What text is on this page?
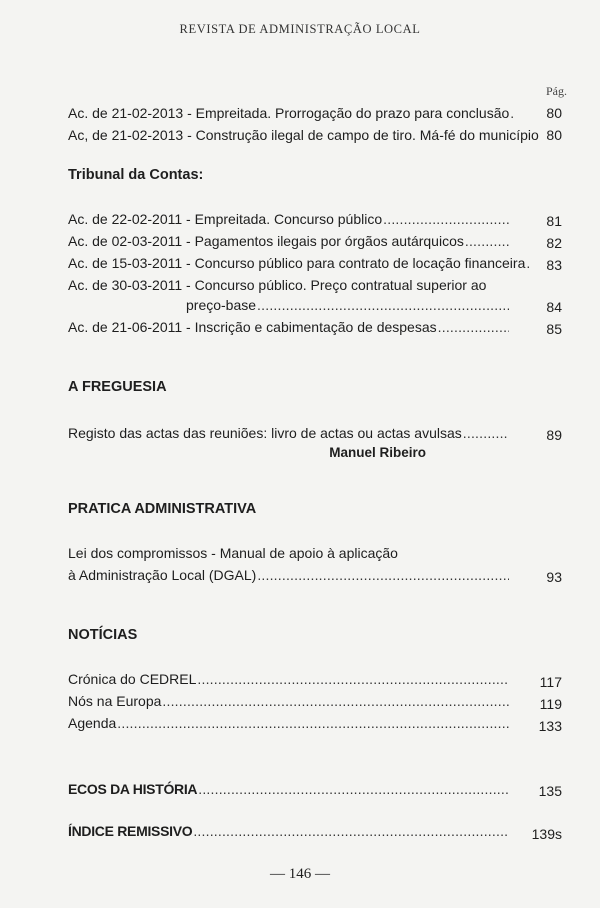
REVISTA DE ADMINISTRAÇÃO LOCAL
Pág.
Ac. de 21-02-2013 - Empreitada. Prorrogação do prazo para conclusão .....	80
Ac, de 21-02-2013 - Construção ilegal de campo de tiro. Má-fé do município 80
Tribunal da Contas:
Ac. de 22-02-2011 - Empreitada. Concurso público .....	81
Ac. de 02-03-2011 - Pagamentos ilegais por órgãos autárquicos .....	82
Ac. de 15-03-2011 - Concurso público para contrato de locação financeira ..... 83
Ac. de 30-03-2011 - Concurso público. Preço contratual superior ao
preço-base .....	84
Ac. de 21-06-2011 - Inscrição e cabimentação de despesas .....	85
A FREGUESIA
Registo das actas das reuniões: livro de actas ou actas avulsas .....	89
Manuel Ribeiro
PRATICA ADMINISTRATIVA
Lei dos compromissos - Manual de apoio à aplicação
à Administração Local (DGAL) .....	93
NOTÍCIAS
Crónica do CEDREL .....	117
Nós na Europa .....	119
Agenda .....	133
ECOS DA HISTÓRIA .....	135
ÍNDICE REMISSIVO .....	139s
— 146 —
